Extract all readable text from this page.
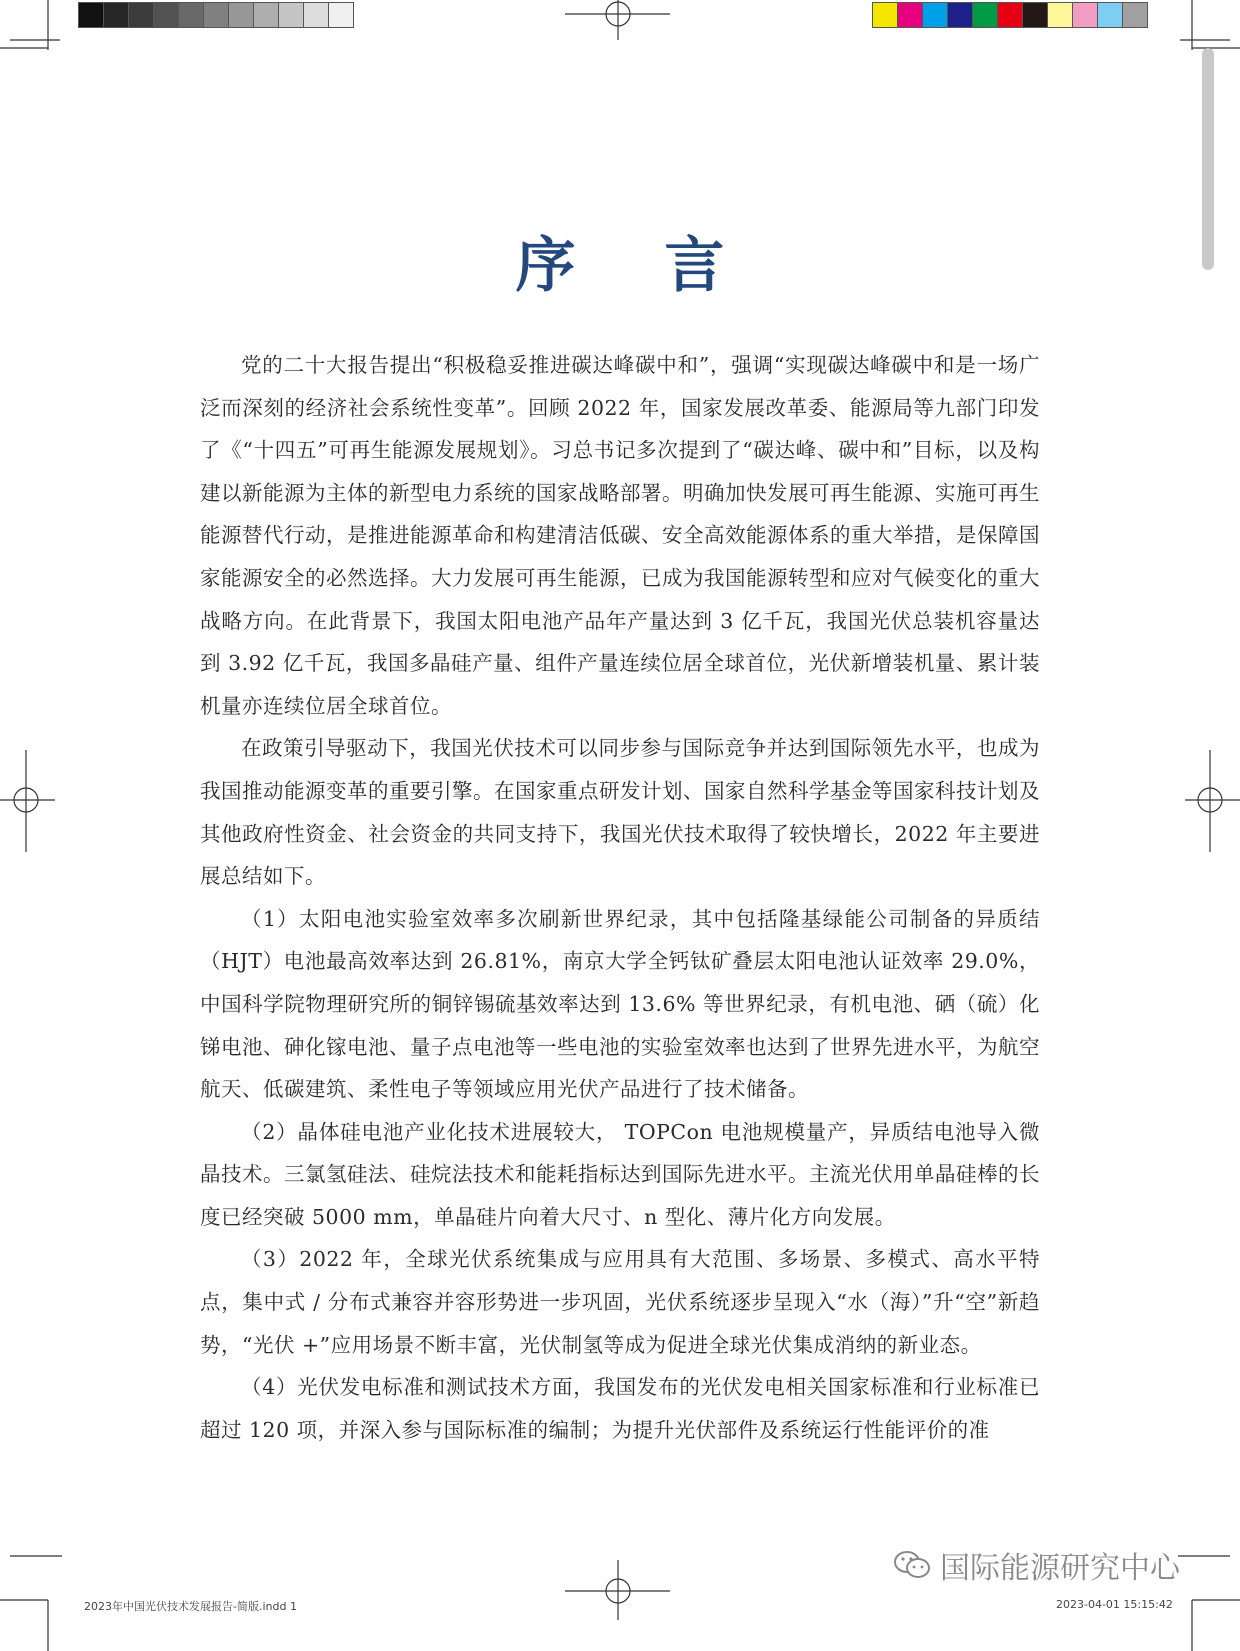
序 言

党的二十大报告提出“积极稳妥推进碳达峰碳中和”，强调“实现碳达峰碳中和是一场广泛而深刻的经济社会系统性变革”。回顾 2022 年，国家发展改革委、能源局等九部门印发了《“十四五”可再生能源发展规划》。习总书记多次提到了“碳达峰、碳中和”目标，以及构建以新能源为主体的新型电力系统的国家战略部署。明确加快发展可再生能源、实施可再生能源替代行动，是推进能源革命和构建清洁低碳、安全高效能源体系的重大举措，是保障国家能源安全的必然选择。大力发展可再生能源，已成为我国能源转型和应对气候变化的重大战略方向。在此背景下，我国太阳电池产品年产量达到 3 亿千瓦，我国光伏总装机容量达到 3.92 亿千瓦，我国多晶硅产量、组件产量连续位居全球首位，光伏新增装机量、累计装机量亦连续位居全球首位。

在政策引导驱动下，我国光伏技术可以同步参与国际竞争并达到国际领先水平，也成为我国推动能源变革的重要引擎。在国家重点研发计划、国家自然科学基金等国家科技计划及其他政府性资金、社会资金的共同支持下，我国光伏技术取得了较快增长，2022 年主要进展总结如下。

（1）太阳电池实验室效率多次刷新世界纪录，其中包括隆基绿能公司制备的异质结（HJT）电池最高效率达到 26.81%，南京大学全钙钛矿叠层太阳电池认证效率 29.0%，中国科学院物理研究所的铜锌锡硫基效率达到 13.6% 等世界纪录，有机电池、硒（硫）化锑电池、砷化镓电池、量子点电池等一些电池的实验室效率也达到了世界先进水平，为航空航天、低碳建筑、柔性电子等领域应用光伏产品进行了技术储备。

（2）晶体硅电池产业化技术进展较大， TOPCon 电池规模量产，异质结电池导入微晶技术。三氯氢硅法、硅烷法技术和能耗指标达到国际先进水平。主流光伏用单晶硅棒的长度已经突破 5000 mm，单晶硅片向着大尺寸、n 型化、薄片化方向发展。

（3）2022 年，全球光伏系统集成与应用具有大范围、多场景、多模式、高水平特点，集中式 / 分布式兼容并容形势进一步巩固，光伏系统逐步呈现入“水（海）”升“空”新趋势，“光伏 +”应用场景不断丰富，光伏制氢等成为促进全球光伏集成消纳的新业态。

（4）光伏发电标准和测试技术方面，我国发布的光伏发电相关国家标准和行业标准已超过 120 项，并深入参与国际标准的编制；为提升光伏部件及系统运行性能评价的准

国际能源研究中心
2023年中国光伏技术发展报告-简版.indd 1	2023-04-01 15:15:42
